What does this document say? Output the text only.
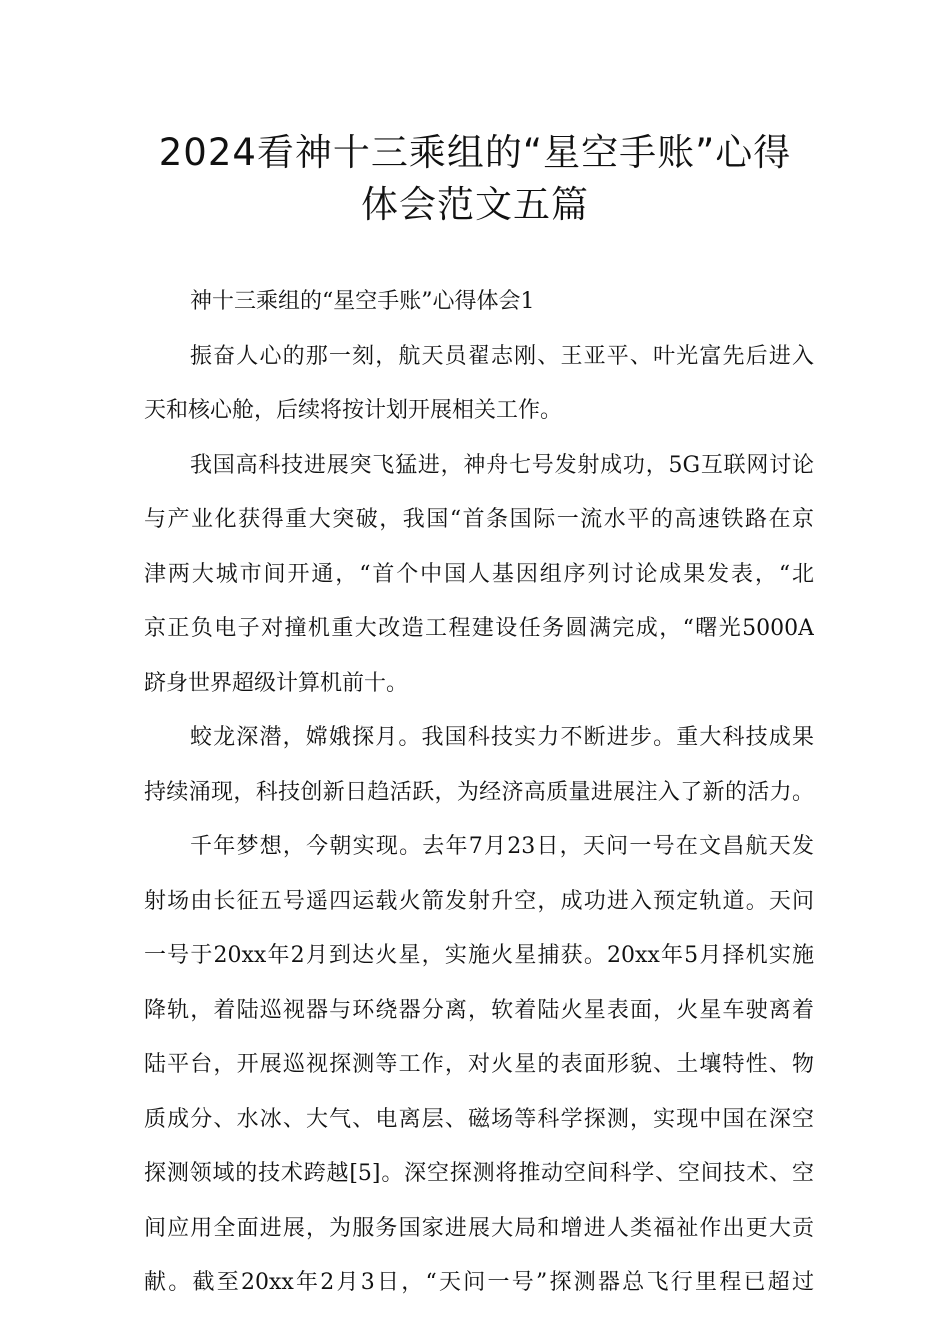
2024看神十三乘组的“星空手账”心得
体会范文五篇
神十三乘组的“星空手账”心得体会1
振奋人心的那一刻，航天员翟志刚、王亚平、叶光富先后进入
天和核心舱，后续将按计划开展相关工作。
我国高科技进展突飞猛进，神舟七号发射成功，5G互联网讨论
与产业化获得重大突破，我国“首条国际一流水平的高速铁路在京
津两大城市间开通，“首个中国人基因组序列讨论成果发表，“北
京正负电子对撞机重大改造工程建设任务圆满完成，“曙光5000A
跻身世界超级计算机前十。
蛟龙深潜，嫦娥探月。我国科技实力不断进步。重大科技成果
持续涌现，科技创新日趋活跃，为经济高质量进展注入了新的活力。
千年梦想，今朝实现。去年7月23日，天问一号在文昌航天发
射场由长征五号遥四运载火箭发射升空，成功进入预定轨道。天问
一号于20xx年2月到达火星，实施火星捕获。20xx年5月择机实施
降轨，着陆巡视器与环绕器分离，软着陆火星表面，火星车驶离着
陆平台，开展巡视探测等工作，对火星的表面形貌、土壤特性、物
质成分、水冰、大气、电离层、磁场等科学探测，实现中国在深空
探测领域的技术跨越[5]。深空探测将推动空间科学、空间技术、空
间应用全面进展，为服务国家进展大局和增进人类福祉作出更大贡
献。截至20xx年2月3日，“天问一号”探测器总飞行里程已超过
